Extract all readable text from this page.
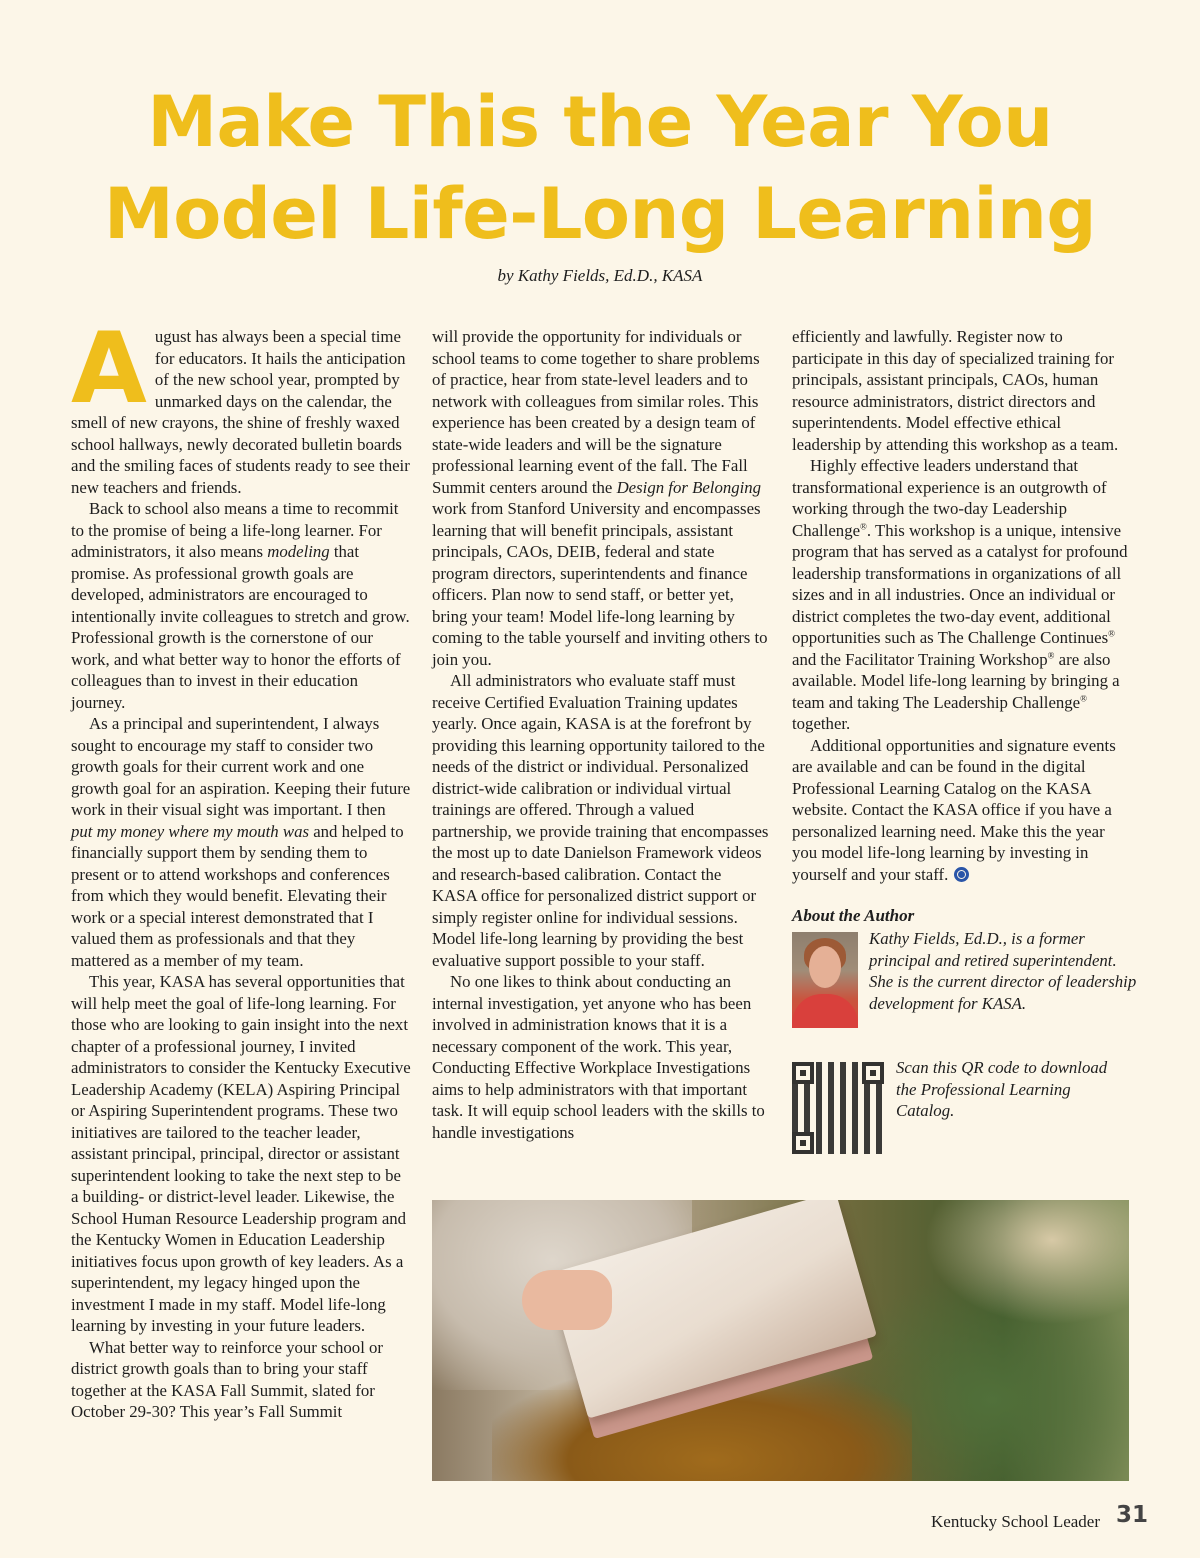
Make This the Year You
Model Life-Long Learning
by Kathy Fields, Ed.D., KASA

August has always been a special time for educators. It hails the anticipation of the new school year, prompted by unmarked days on the calendar, the smell of new crayons, the shine of freshly waxed school hallways, newly decorated bulletin boards and the smiling faces of students ready to see their new teachers and friends.

Back to school also means a time to recommit to the promise of being a life-long learner. For administrators, it also means modeling that promise. As professional growth goals are developed, administrators are encouraged to intentionally invite colleagues to stretch and grow. Professional growth is the cornerstone of our work, and what better way to honor the efforts of colleagues than to invest in their education journey.

As a principal and superintendent, I always sought to encourage my staff to consider two growth goals for their current work and one growth goal for an aspiration. Keeping their future work in their visual sight was important. I then put my money where my mouth was and helped to financially support them by sending them to present or to attend workshops and conferences from which they would benefit. Elevating their work or a special interest demonstrated that I valued them as professionals and that they mattered as a member of my team.

This year, KASA has several opportunities that will help meet the goal of life-long learning. For those who are looking to gain insight into the next chapter of a professional journey, I invited administrators to consider the Kentucky Executive Leadership Academy (KELA) Aspiring Principal or Aspiring Superintendent programs. These two initiatives are tailored to the teacher leader, assistant principal, principal, director or assistant superintendent looking to take the next step to be a building- or district-level leader. Likewise, the School Human Resource Leadership program and the Kentucky Women in Education Leadership initiatives focus upon growth of key leaders. As a superintendent, my legacy hinged upon the investment I made in my staff. Model life-long learning by investing in your future leaders.

What better way to reinforce your school or district growth goals than to bring your staff together at the KASA Fall Summit, slated for October 29-30? This year’s Fall Summit

will provide the opportunity for individuals or school teams to come together to share problems of practice, hear from state-level leaders and to network with colleagues from similar roles. This experience has been created by a design team of state-wide leaders and will be the signature professional learning event of the fall. The Fall Summit centers around the Design for Belonging work from Stanford University and encompasses learning that will benefit principals, assistant principals, CAOs, DEIB, federal and state program directors, superintendents and finance officers. Plan now to send staff, or better yet, bring your team! Model life-long learning by coming to the table yourself and inviting others to join you.

All administrators who evaluate staff must receive Certified Evaluation Training updates yearly. Once again, KASA is at the forefront by providing this learning opportunity tailored to the needs of the district or individual. Personalized district-wide calibration or individual virtual trainings are offered. Through a valued partnership, we provide training that encompasses the most up to date Danielson Framework videos and research-based calibration. Contact the KASA office for personalized district support or simply register online for individual sessions. Model life-long learning by providing the best evaluative support possible to your staff.

No one likes to think about conducting an internal investigation, yet anyone who has been involved in administration knows that it is a necessary component of the work. This year, Conducting Effective Workplace Investigations aims to help administrators with that important task. It will equip school leaders with the skills to handle investigations

efficiently and lawfully. Register now to participate in this day of specialized training for principals, assistant principals, CAOs, human resource administrators, district directors and superintendents. Model effective ethical leadership by attending this workshop as a team.

Highly effective leaders understand that transformational experience is an outgrowth of working through the two-day Leadership Challenge®. This workshop is a unique, intensive program that has served as a catalyst for profound leadership transformations in organizations of all sizes and in all industries. Once an individual or district completes the two-day event, additional opportunities such as The Challenge Continues® and the Facilitator Training Workshop® are also available. Model life-long learning by bringing a team and taking The Leadership Challenge® together.

Additional opportunities and signature events are available and can be found in the digital Professional Learning Catalog on the KASA website. Contact the KASA office if you have a personalized learning need. Make this the year you model life-long learning by investing in yourself and your staff.

About the Author
Kathy Fields, Ed.D., is a former principal and retired superintendent. She is the current director of leadership development for KASA.
Scan this QR code to download the Professional Learning Catalog.
Kentucky School Leader 31
